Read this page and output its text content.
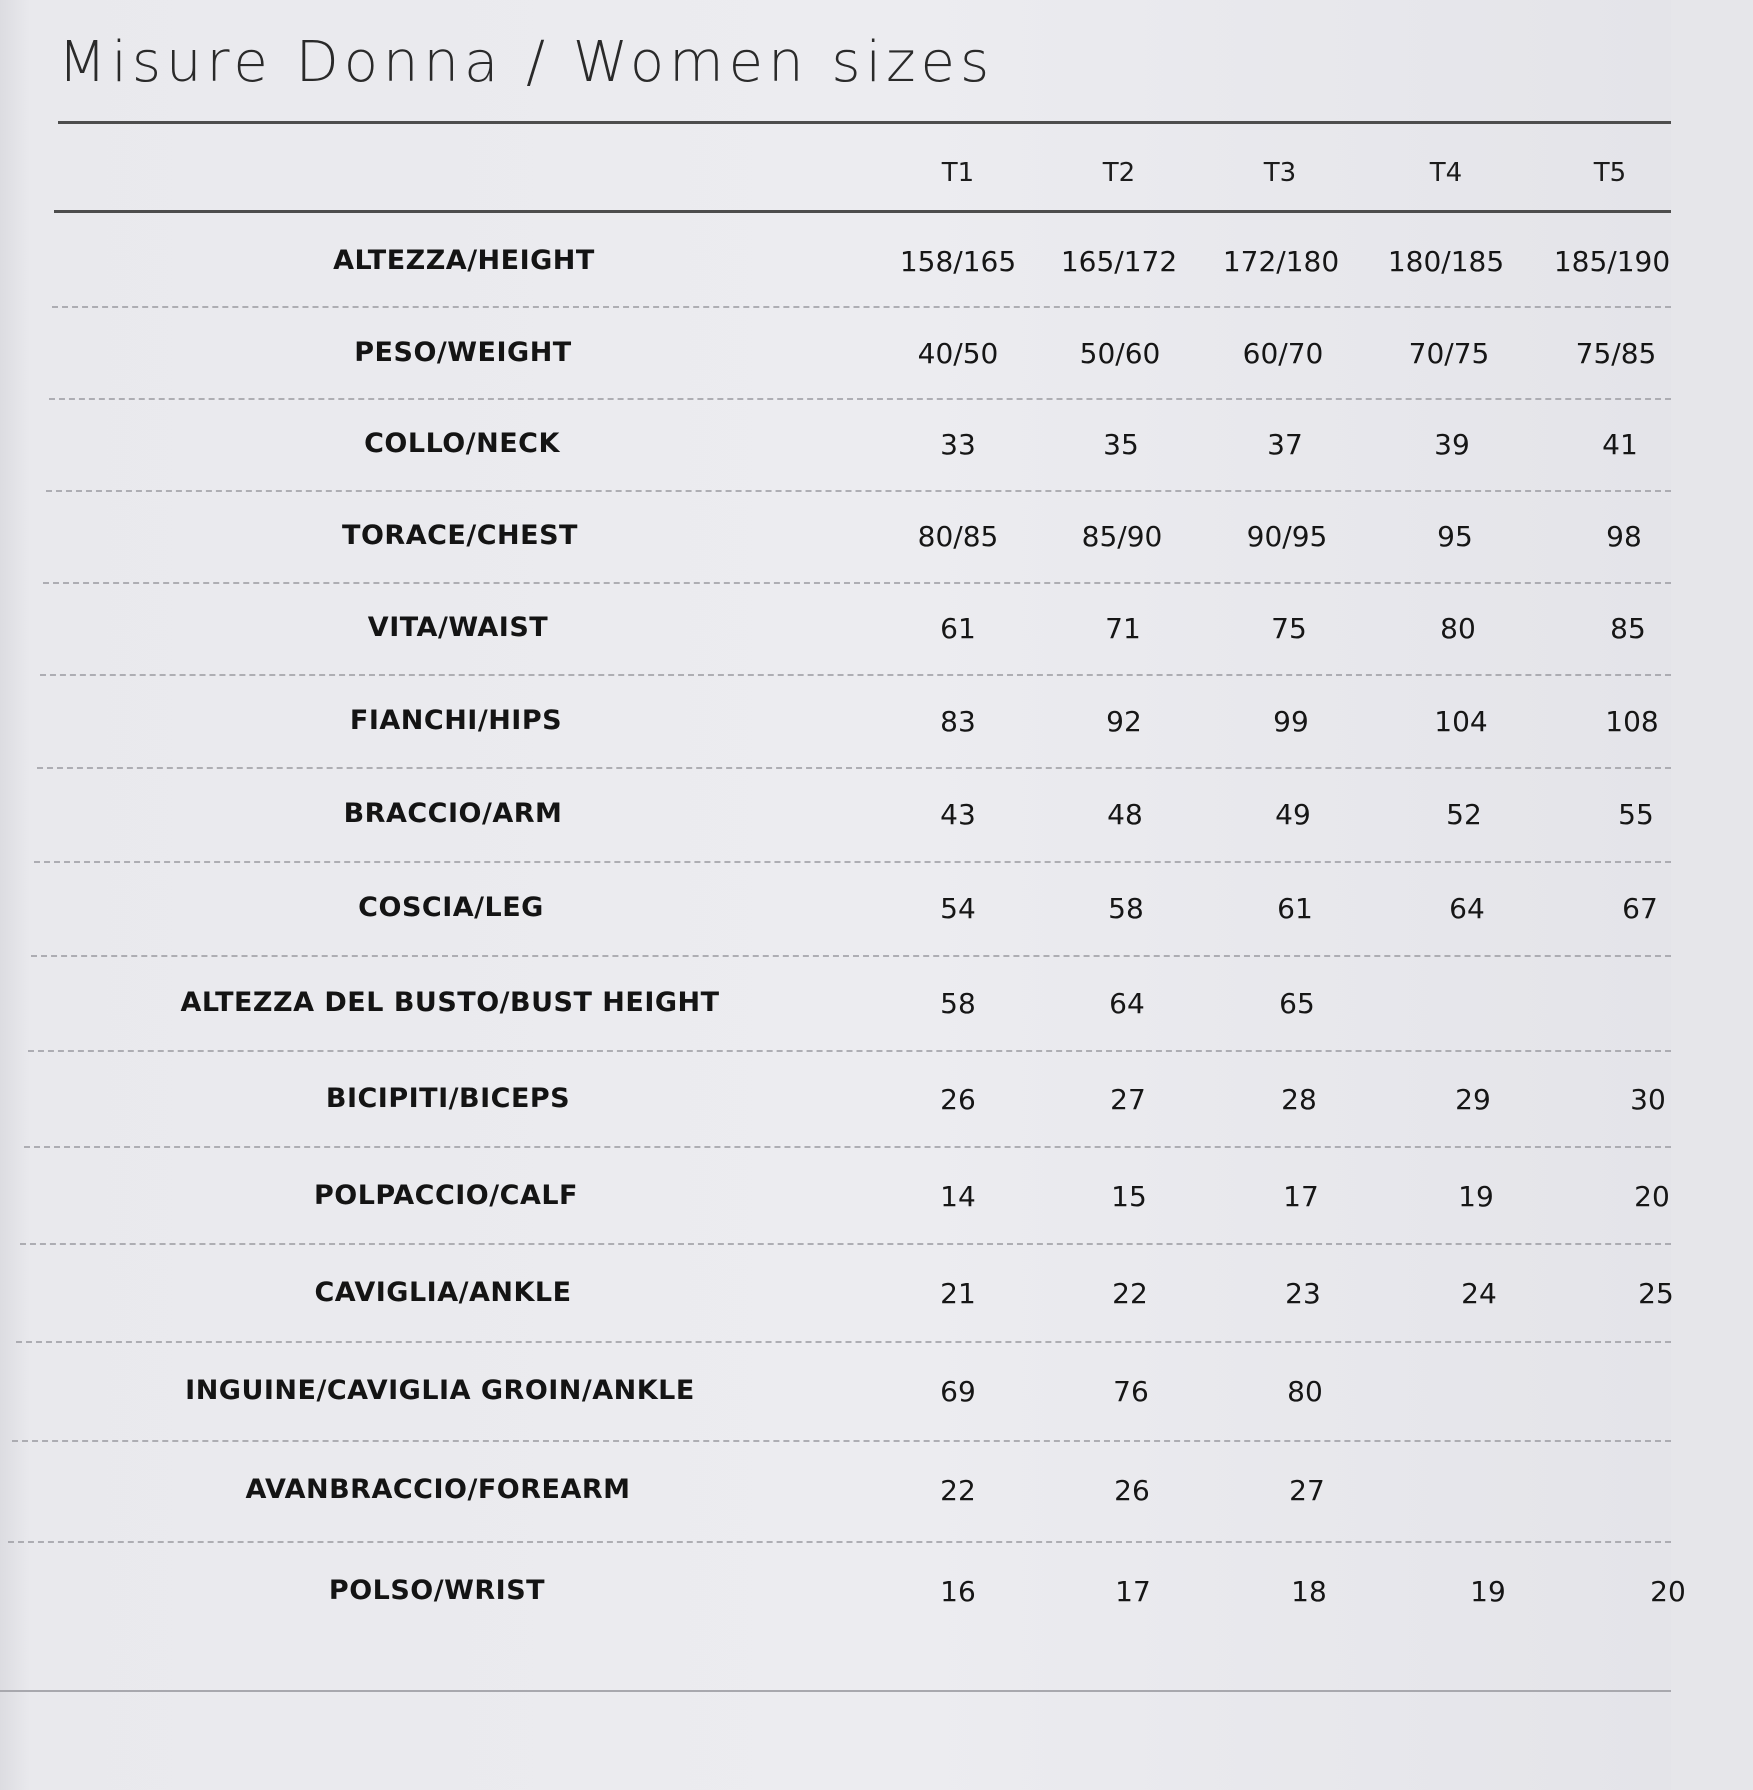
Misure Donna / Women sizes
T1	T2	T3	T4	T5
ALTEZZA/HEIGHT	158/165	165/172	172/180	180/185	185/190
PESO/WEIGHT	40/50	50/60	60/70	70/75	75/85
COLLO/NECK	33	35	37	39	41
TORACE/CHEST	80/85	85/90	90/95	95	98
VITA/WAIST	61	71	75	80	85
FIANCHI/HIPS	83	92	99	104	108
BRACCIO/ARM	43	48	49	52	55
COSCIA/LEG	54	58	61	64	67
ALTEZZA DEL BUSTO/BUST HEIGHT	58	64	65
BICIPITI/BICEPS	26	27	28	29	30
POLPACCIO/CALF	14	15	17	19	20
CAVIGLIA/ANKLE	21	22	23	24	25
INGUINE/CAVIGLIA GROIN/ANKLE	69	76	80
AVANBRACCIO/FOREARM	22	26	27
POLSO/WRIST	16	17	18	19	20
